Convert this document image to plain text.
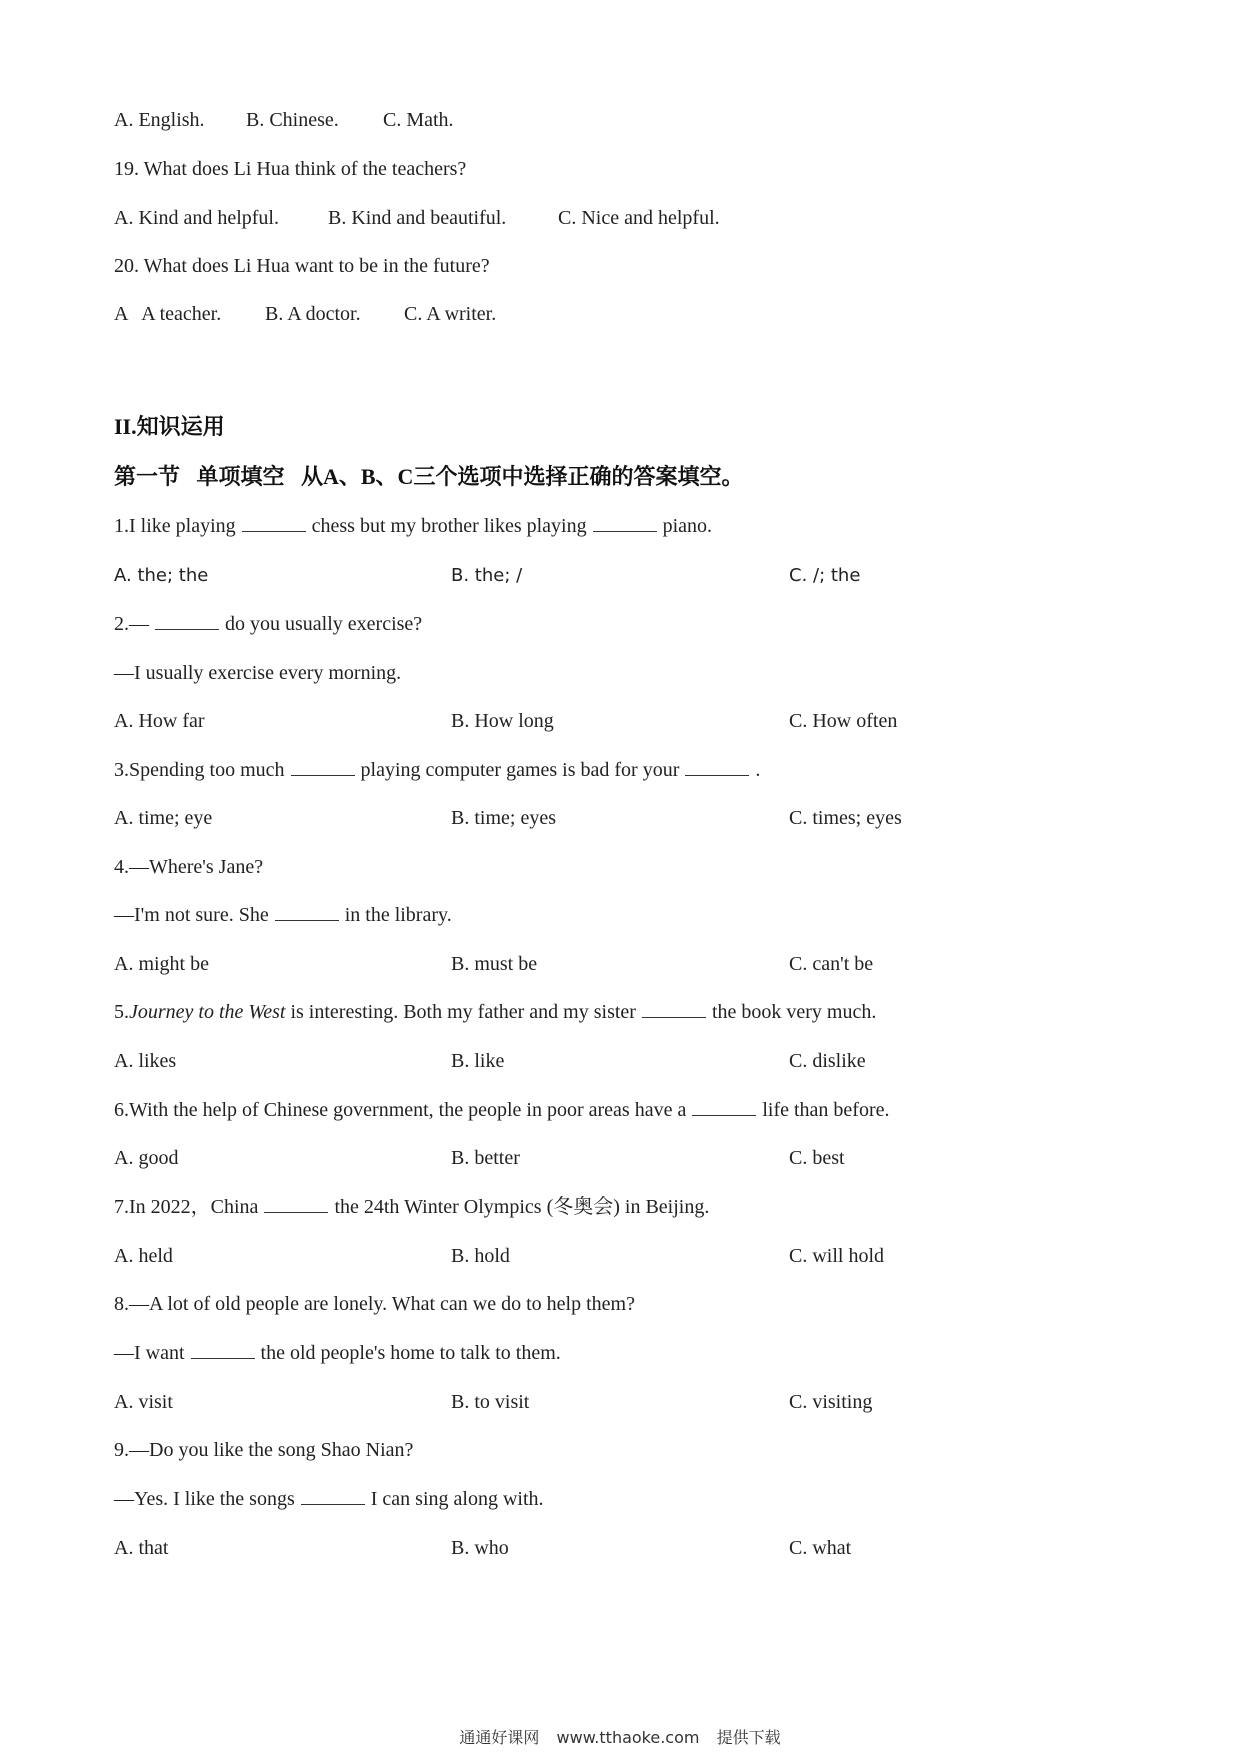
A. English. B. Chinese. C. Math.
19. What does Li Hua think of the teachers?
A. Kind and helpful. B. Kind and beautiful.	C. Nice and helpful.
20. What does Li Hua want to be in the future?
A   A teacher. B. A doctor. C. A writer.
II.知识运用
第一节   单项填空   从A、B、C三个选项中选择正确的答案填空。
1.I like playing	chess but my brother likes playing	piano.
A. the; the	B. the; /	C. /; the
2.—	do you usually exercise?
—I usually exercise every morning.
A. How far	B. How long	C. How often
3.Spending too much	playing computer games is bad for your	.
A. time; eye	B. time; eyes	C. times; eyes
4.—Where's Jane?
—I'm not sure. She	in the library.
A. might be	B. must be	C. can't be
5.Journey to the West is interesting. Both my father and my sister	the book very much.
A. likes	B. like	C. dislike
6.With the help of Chinese government, the people in poor areas have a	life than before.
A. good	B. better	C. best
7.In 2022，China	the 24th Winter Olympics (冬奥会) in Beijing.
A. held	B. hold	C. will hold
8.—A lot of old people are lonely. What can we do to help them?
—I want	the old people's home to talk to them.
A. visit	B. to visit	C. visiting
9.—Do you like the song Shao Nian?
—Yes. I like the songs	I can sing along with.
A. that	B. who	C. what
通通好课网 www.tthaoke.com 提供下载
